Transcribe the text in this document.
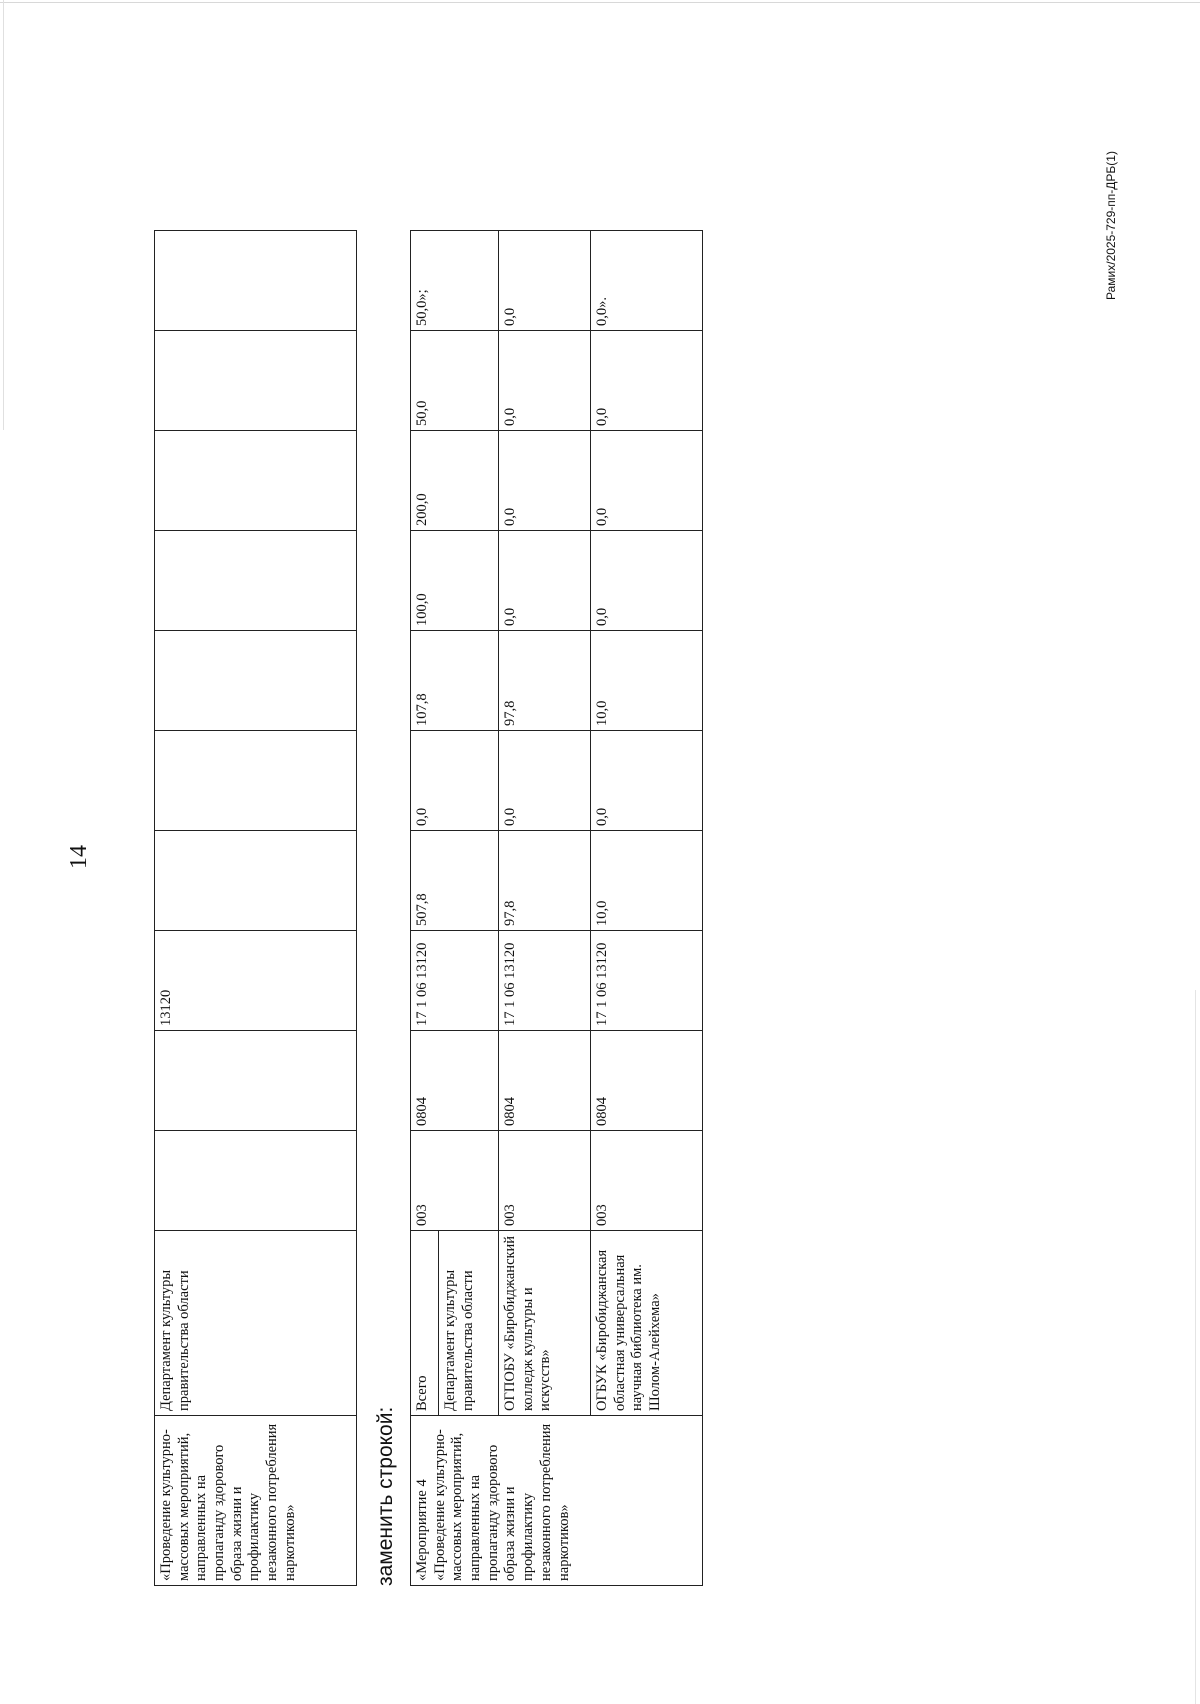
14
«Проведение культурно-массовых мероприятий, направленных на пропаганду здорового образа жизни и профилактику незаконного потребления наркотиков»	Департамент культуры правительства области			13120							
заменить строкой: «Мероприятие 4 «Проведение культурно-массовых мероприятий, направленных на пропаганду здорового образа жизни и профилактику незаконного потребления наркотиков»	Всего	003	0804	17 1 06 13120	507,8	0,0	107,8	100,0	200,0	50,0	50,0»;
	Департамент культуры правительства области										
	ОГПОБУ «Биробиджанский колледж культуры и искусств»	003	0804	17 1 06 13120	97,8	0,0	97,8	0,0	0,0	0,0	0,0
	ОГБУК «Биробиджанская областная универсальная научная библиотека им. Шолом-Алейхема»	003	0804	17 1 06 13120	10,0	0,0	10,0	0,0	0,0	0,0	0,0».
Рамих/2025-729-пп-ДРБ(1)
